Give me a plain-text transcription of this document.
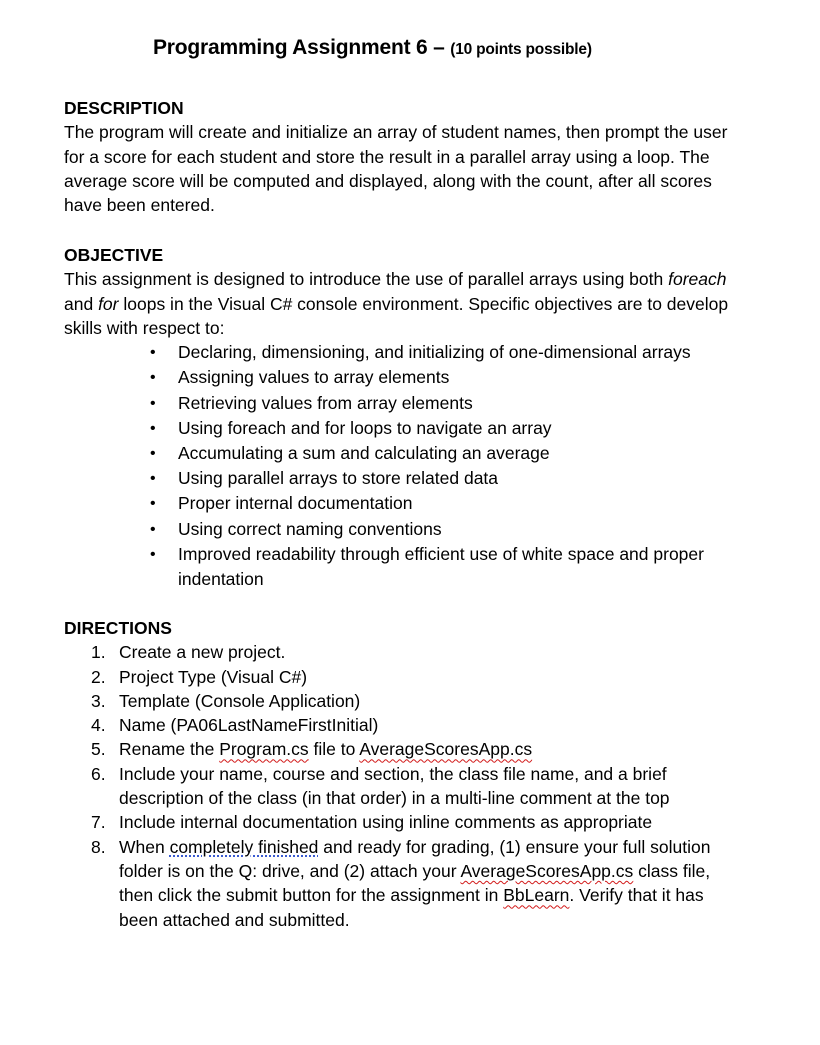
Programming Assignment 6 – (10 points possible)
DESCRIPTION

The program will create and initialize an array of student names, then prompt the user for a score for each student and store the result in a parallel array using a loop. The average score will be computed and displayed, along with the count, after all scores have been entered.

OBJECTIVE

This assignment is designed to introduce the use of parallel arrays using both foreach and for loops in the Visual C# console environment. Specific objectives are to develop skills with respect to:

• Declaring, dimensioning, and initializing of one-dimensional arrays
• Assigning values to array elements
• Retrieving values from array elements
• Using foreach and for loops to navigate an array
• Accumulating a sum and calculating an average
• Using parallel arrays to store related data
• Proper internal documentation
• Using correct naming conventions
• Improved readability through efficient use of white space and proper indentation
DIRECTIONS
1. Create a new project.
2. Project Type (Visual C#)
3. Template (Console Application)
4. Name (PA06LastNameFirstInitial)
5. Rename the Program.cs file to AverageScoresApp.cs
6. Include your name, course and section, the class file name, and a brief description of the class (in that order) in a multi-line comment at the top
7. Include internal documentation using inline comments as appropriate
8. When completely finished and ready for grading, (1) ensure your full solution folder is on the Q: drive, and (2) attach your AverageScoresApp.cs class file, then click the submit button for the assignment in BbLearn. Verify that it has been attached and submitted.
